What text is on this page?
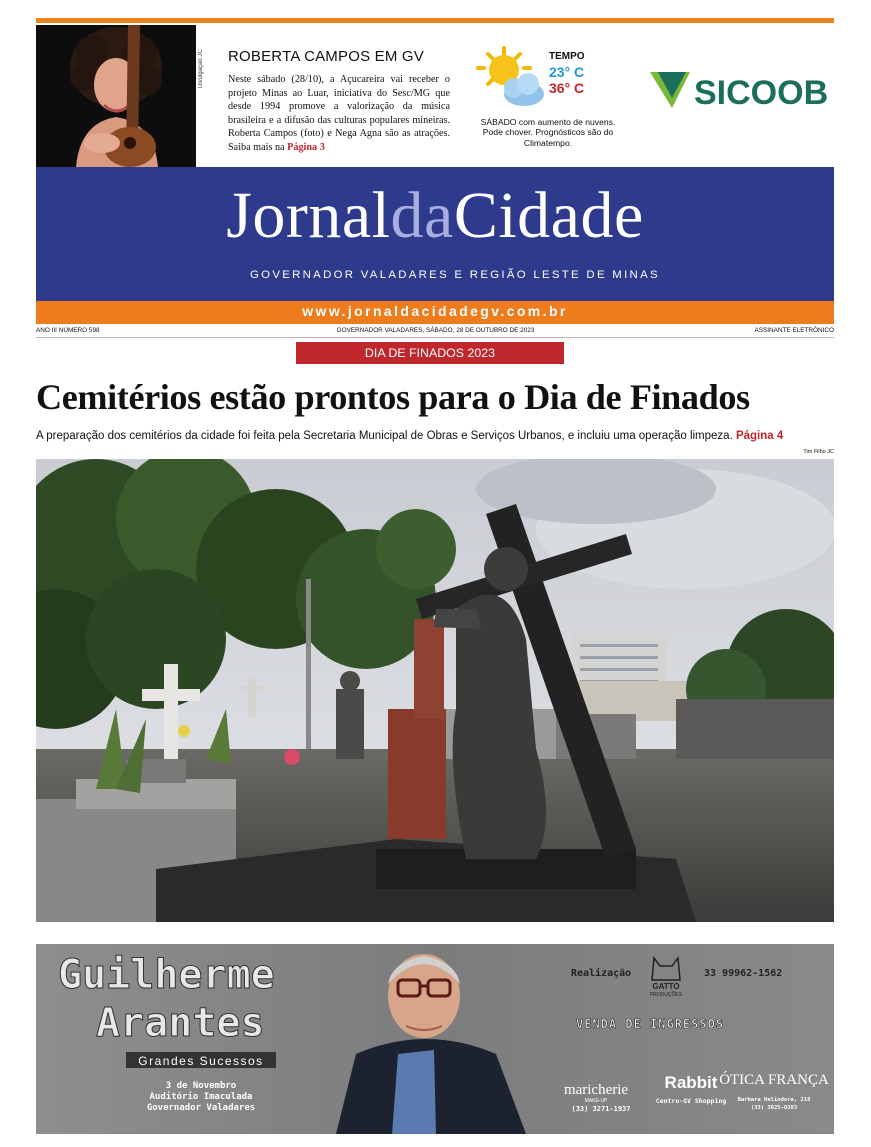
Divulgação JC ROBERTA CAMPOS EM GV
Neste sábado (28/10), a Açucareira vai receber o projeto Minas ao Luar, iniciativa do Sesc/MG que desde 1994 promove a valorização da música brasileira e a difusão das culturas populares mineiras. Roberta Campos (foto) e Nega Agna são as atrações. Saiba mais na Página 3
TEMPO
23° C
36° C
SÁBADO com aumento de nuvens. Pode chover. Prognósticos são do Climatempo.
SICOOB
JornaldaCidade
GOVERNADOR VALADARES E REGIÃO LESTE DE MINAS
www.jornaldacidadegv.com.br
ANO III NÚMERO 598	GOVERNADOR VALADARES, SÁBADO, 28 DE OUTUBRO DE 2023	ASSINANTE ELETRÔNICO
DIA DE FINADOS 2023
Cemitérios estão prontos para o Dia de Finados
A preparação dos cemitérios da cidade foi feita pela Secretaria Municipal de Obras e Serviços Urbanos, e incluiu uma operação limpeza. Página 4
Tim Filho JC
Guilherme
Arantes
Grandes Sucessos
3 de Novembro
Auditório Imaculada
Governador Valadares
Realização
GATTO
PRODUÇÕES
33 99962-1562
VENDA DE INGRESSOS
maricherie
MAKE-UP
(33) 3271-1937
Rabbit
Centro-GV Shopping
ÓTICA FRANÇA
Barbara Heliodora, 218
(33) 3025-0203
